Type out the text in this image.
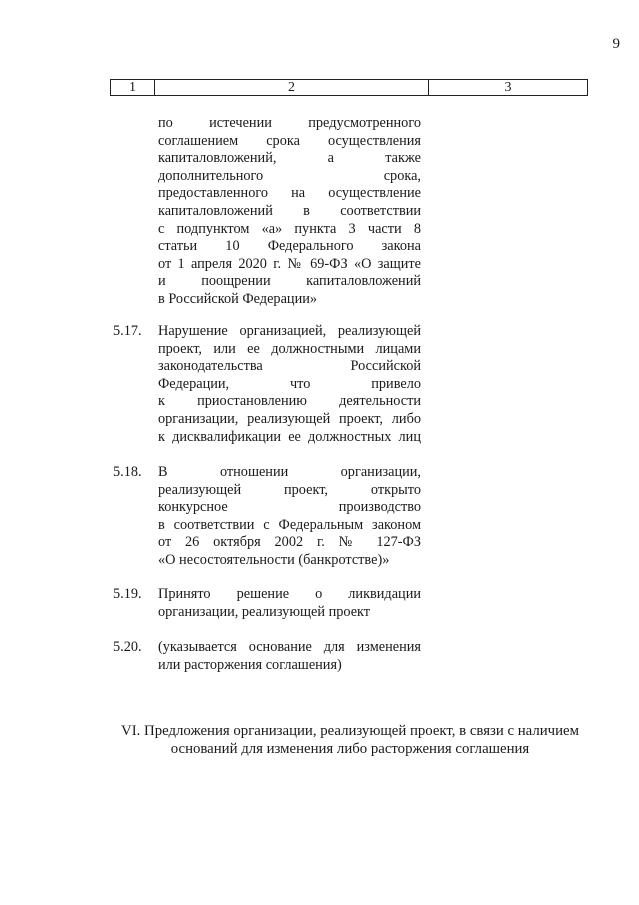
9
1	2	3
по истечении предусмотренного
соглашением срока осуществления
капиталовложений, а также
дополнительного срока,
предоставленного на осуществление
капиталовложений в соответствии
с подпунктом «а» пункта 3 части 8
статьи 10 Федерального закона
от 1 апреля 2020 г. № 69-ФЗ «О защите
и поощрении капиталовложений
в Российской Федерации»
5.17. Нарушение организацией, реализующей
проект, или ее должностными лицами
законодательства Российской
Федерации, что привело
к приостановлению деятельности
организации, реализующей проект, либо
к дисквалификации ее должностных лиц
5.18. В отношении организации,
реализующей проект, открыто
конкурсное производство
в соответствии с Федеральным законом
от 26 октября 2002 г. № 127-ФЗ
«О несостоятельности (банкротстве)»
5.19. Принято решение о ликвидации
организации, реализующей проект
5.20. (указывается основание для изменения
или расторжения соглашения)
VI. Предложения организации, реализующей проект, в связи с наличием
оснований для изменения либо расторжения соглашения
